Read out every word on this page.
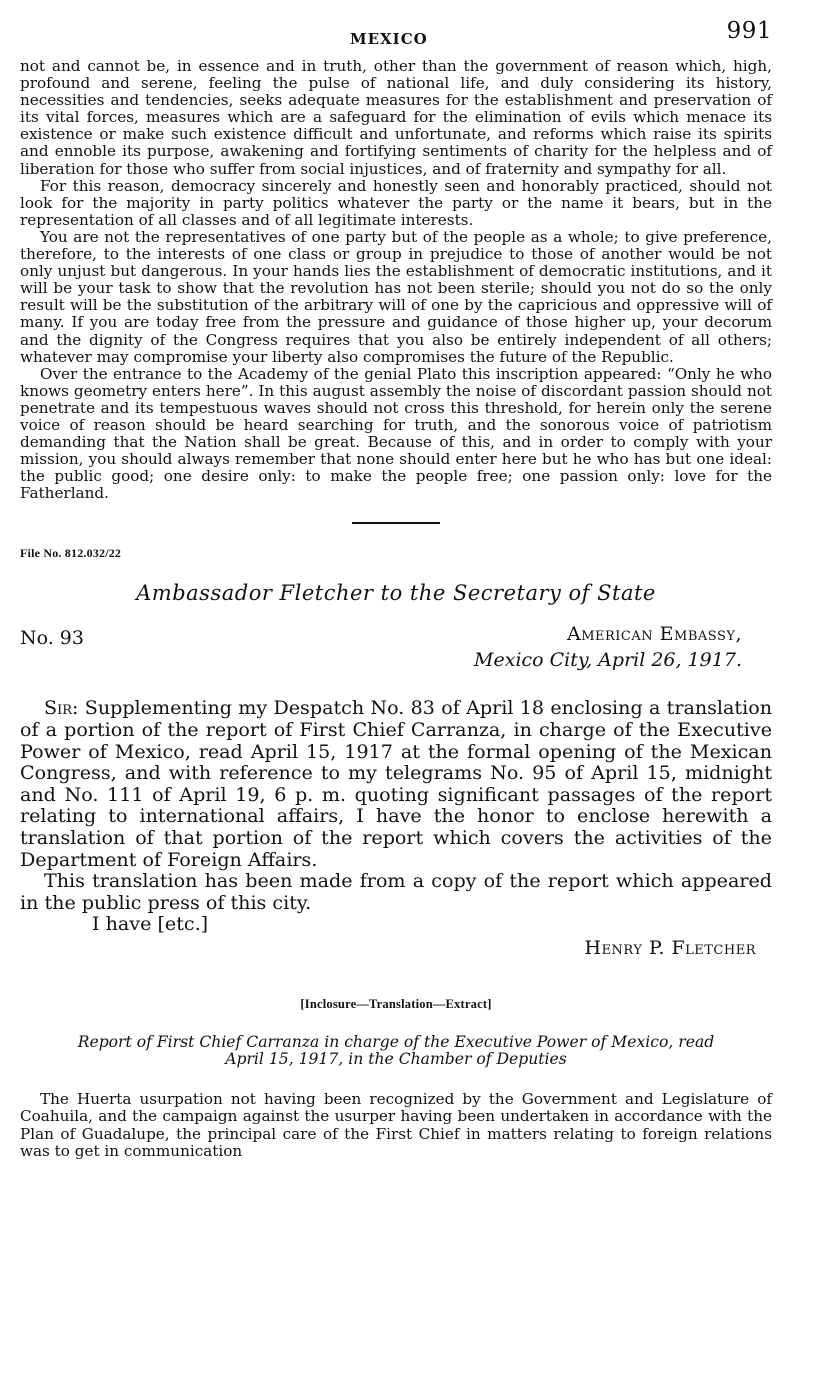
MEXICO	991

not and cannot be, in essence and in truth, other than the government of reason which, high, profound and serene, feeling the pulse of national life, and duly considering its history, necessities and tendencies, seeks adequate measures for the establishment and preservation of its vital forces, measures which are a safeguard for the elimination of evils which menace its existence or make such existence difficult and unfortunate, and reforms which raise its spirits and ennoble its purpose, awakening and fortifying sentiments of charity for the helpless and of liberation for those who suffer from social injustices, and of fraternity and sympathy for all.

For this reason, democracy sincerely and honestly seen and honorably practiced, should not look for the majority in party politics whatever the party or the name it bears, but in the representation of all classes and of all legitimate interests.

You are not the representatives of one party but of the people as a whole; to give preference, therefore, to the interests of one class or group in prejudice to those of another would be not only unjust but dangerous. In your hands lies the establishment of democratic institutions, and it will be your task to show that the revolution has not been sterile; should you not do so the only result will be the substitution of the arbitrary will of one by the capricious and oppressive will of many. If you are today free from the pressure and guidance of those higher up, your decorum and the dignity of the Congress requires that you also be entirely independent of all others; whatever may compromise your liberty also compromises the future of the Republic.

Over the entrance to the Academy of the genial Plato this inscription appeared: “Only he who knows geometry enters here”. In this august assembly the noise of discordant passion should not penetrate and its tempestuous waves should not cross this threshold, for herein only the serene voice of reason should be heard searching for truth, and the sonorous voice of patriotism demanding that the Nation shall be great. Because of this, and in order to comply with your mission, you should always remember that none should enter here but he who has but one ideal: the public good; one desire only: to make the people free; one passion only: love for the Fatherland.

File No. 812.032/22
Ambassador Fletcher to the Secretary of State
No. 93	American Embassy,
Mexico City, April 26, 1917.

Sir: Supplementing my Despatch No. 83 of April 18 enclosing a translation of a portion of the report of First Chief Carranza, in charge of the Executive Power of Mexico, read April 15, 1917 at the formal opening of the Mexican Congress, and with reference to my telegrams No. 95 of April 15, midnight and No. 111 of April 19, 6 p. m. quoting significant passages of the report relating to international affairs, I have the honor to enclose herewith a translation of that portion of the report which covers the activities of the Department of Foreign Affairs.

This translation has been made from a copy of the report which appeared in the public press of this city.

I have [etc.]

Henry P. Fletcher
[Inclosure—Translation—Extract]
Report of First Chief Carranza in charge of the Executive Power of Mexico, read
April 15, 1917, in the Chamber of Deputies

The Huerta usurpation not having been recognized by the Government and Legislature of Coahuila, and the campaign against the usurper having been undertaken in accordance with the Plan of Guadalupe, the principal care of the First Chief in matters relating to foreign relations was to get in communication
